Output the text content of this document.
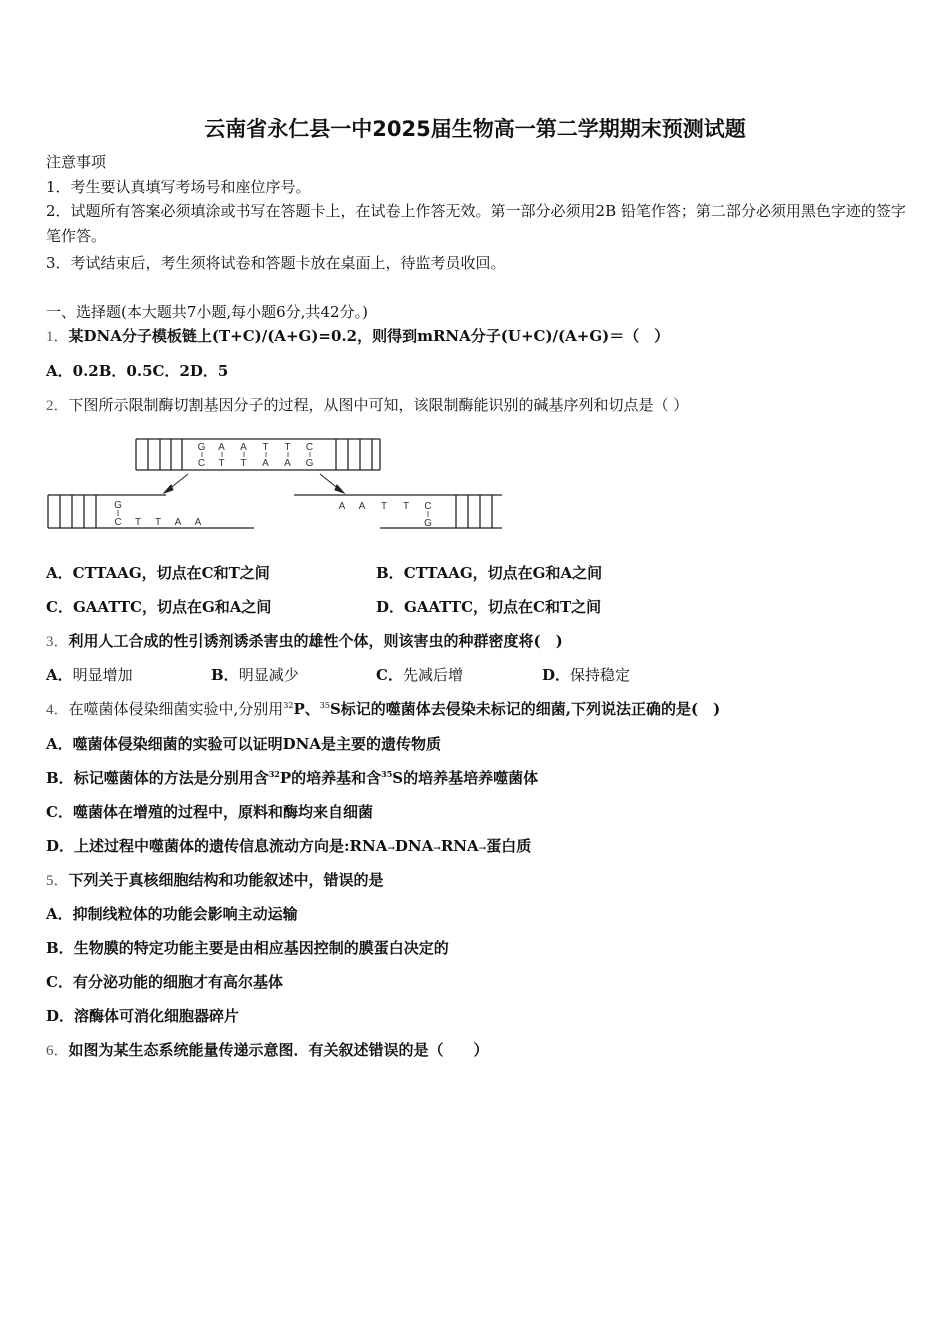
云南省永仁县一中2025届生物高一第二学期期末预测试题
注意事项
1．考生要认真填写考场号和座位序号。
2．试题所有答案必须填涂或书写在答题卡上，在试卷上作答无效。第一部分必须用2B 铅笔作答；第二部分必须用黑色字迹的签字笔作答。
3．考试结束后，考生须将试卷和答题卡放在桌面上，待监考员收回。
一、选择题(本大题共7小题,每小题6分,共42分。)
1．某DNA分子模板链上(T+C)/(A+G)=0.2，则得到mRNA分子(U+C)/(A+G)＝（　）
A．0.2B．0.5C．2D．5
2．下图所示限制酶切割基因分子的过程，从图中可知，该限制酶能识别的碱基序列和切点是（ ）
G A A T T C
C T T A A G
G
C T T A A
A A T T C
G
A．CTTAAG，切点在C和T之间	B．CTTAAG，切点在G和A之间
C．GAATTC，切点在G和A之间	D．GAATTC，切点在C和T之间
3．利用人工合成的性引诱剂诱杀害虫的雄性个体，则该害虫的种群密度将(　)
A．明显增加	B．明显减少	C．先减后增	D．保持稳定
4．在噬菌体侵染细菌实验中,分别用$^{32}$P、$^{35}$S标记的噬菌体去侵染未标记的细菌,下列说法正确的是(　)
A．噬菌体侵染细菌的实验可以证明DNA是主要的遗传物质
B．标记噬菌体的方法是分别用含$^{32}$P的培养基和含$^{35}$S的培养基培养噬菌体
C．噬菌体在增殖的过程中，原料和酶均来自细菌
D．上述过程中噬菌体的遗传信息流动方向是:RNA→DNA→RNA→蛋白质
5．下列关于真核细胞结构和功能叙述中，错误的是
A．抑制线粒体的功能会影响主动运输
B．生物膜的特定功能主要是由相应基因控制的膜蛋白决定的
C．有分泌功能的细胞才有高尔基体
D．溶酶体可消化细胞器碎片
6．如图为某生态系统能量传递示意图．有关叙述错误的是（　　）
